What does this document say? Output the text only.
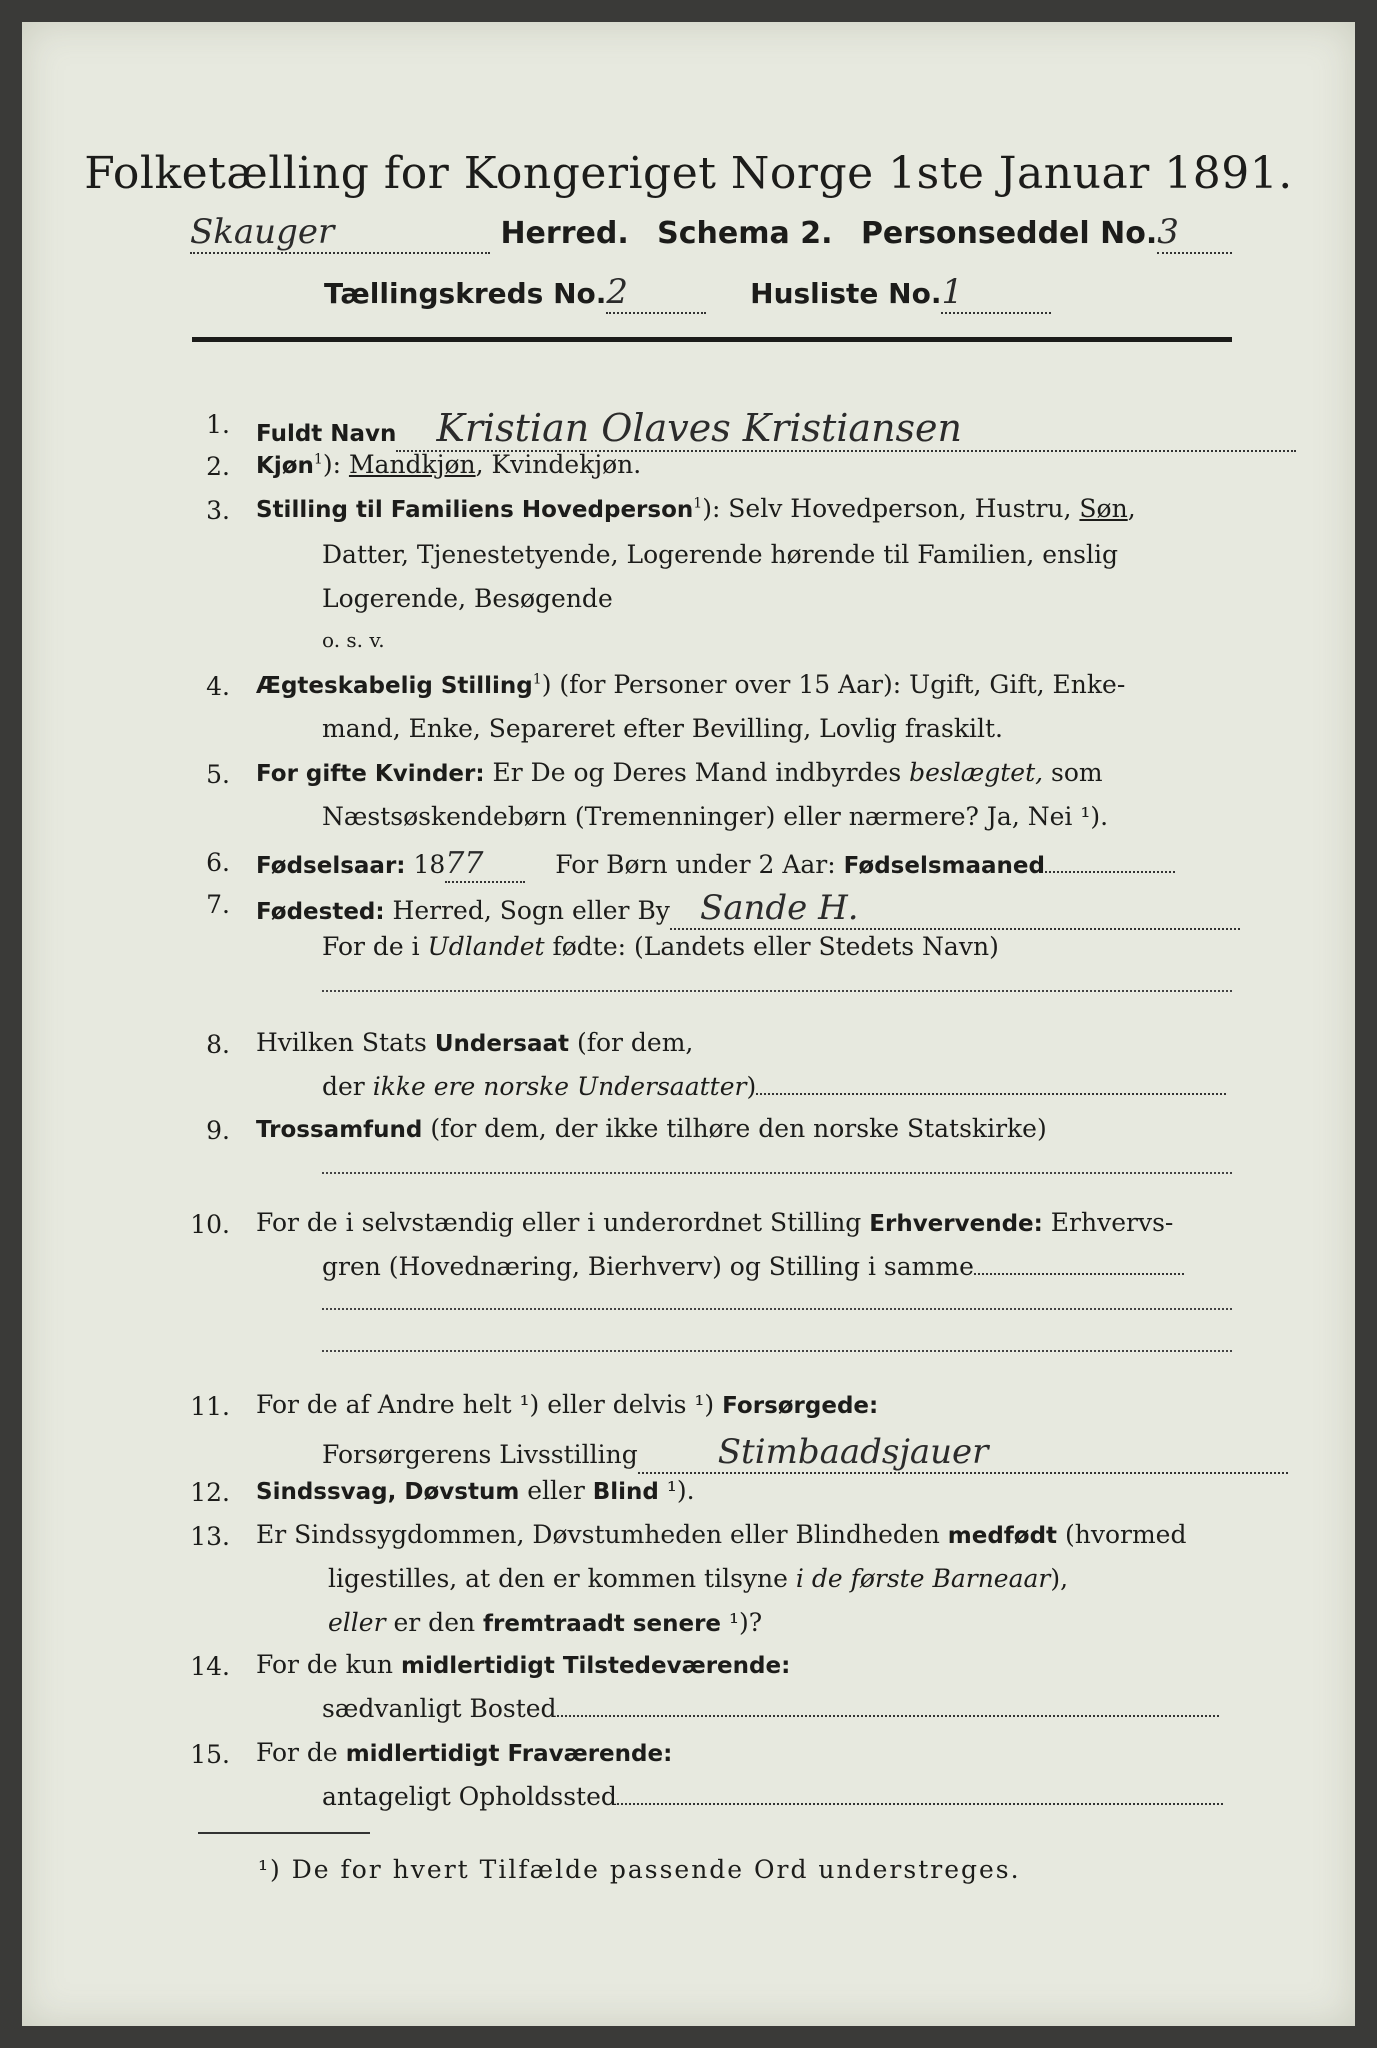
Folketælling for Kongeriget Norge 1ste Januar 1891.
Skauger	Herred. Schema 2. Personseddel No.3
Tællingskreds No.2	Husliste No.1
1. Fuldt Navn Kristian Olaves Kristiansen
2. Kjøn$^1$): Mandkjøn, Kvindekjøn.
3. Stilling til Familiens Hovedperson$^1$): Selv Hovedperson, Hustru, Søn,
Datter, Tjenestetyende, Logerende hørende til Familien, enslig
Logerende, Besøgende
o. s. v.
4. Ægteskabelig Stilling$^1$) (for Personer over 15 Aar): Ugift, Gift, Enke-
mand, Enke, Separeret efter Bevilling, Lovlig fraskilt.
5. For gifte Kvinder: Er De og Deres Mand indbyrdes beslægtet, som
Næstsøskendebørn (Tremenninger) eller nærmere? Ja, Nei ¹).
6. Fødselsaar: 1877	For Børn under 2 Aar: Fødselsmaaned
7. Fødested: Herred, Sogn eller By Sande H.
For de i Udlandet fødte: (Landets eller Stedets Navn)
8. Hvilken Stats Undersaat (for dem,
der ikke ere norske Undersaatter)
9. Trossamfund (for dem, der ikke tilhøre den norske Statskirke)
10. For de i selvstændig eller i underordnet Stilling Erhvervende: Erhvervs-
gren (Hovednæring, Bierhverv) og Stilling i samme
11. For de af Andre helt ¹) eller delvis ¹) Forsørgede:
Forsørgerens Livsstilling Stimbaadsjauer
12. Sindssvag, Døvstum eller Blind ¹).
13. Er Sindssygdommen, Døvstumheden eller Blindheden medfødt (hvormed
ligestilles, at den er kommen tilsyne i de første Barneaar),
eller er den fremtraadt senere ¹)?
14. For de kun midlertidigt Tilstedeværende:
sædvanligt Bosted
15. For de midlertidigt Fraværende:
antageligt Opholdssted
¹) De for hvert Tilfælde passende Ord understreges.
